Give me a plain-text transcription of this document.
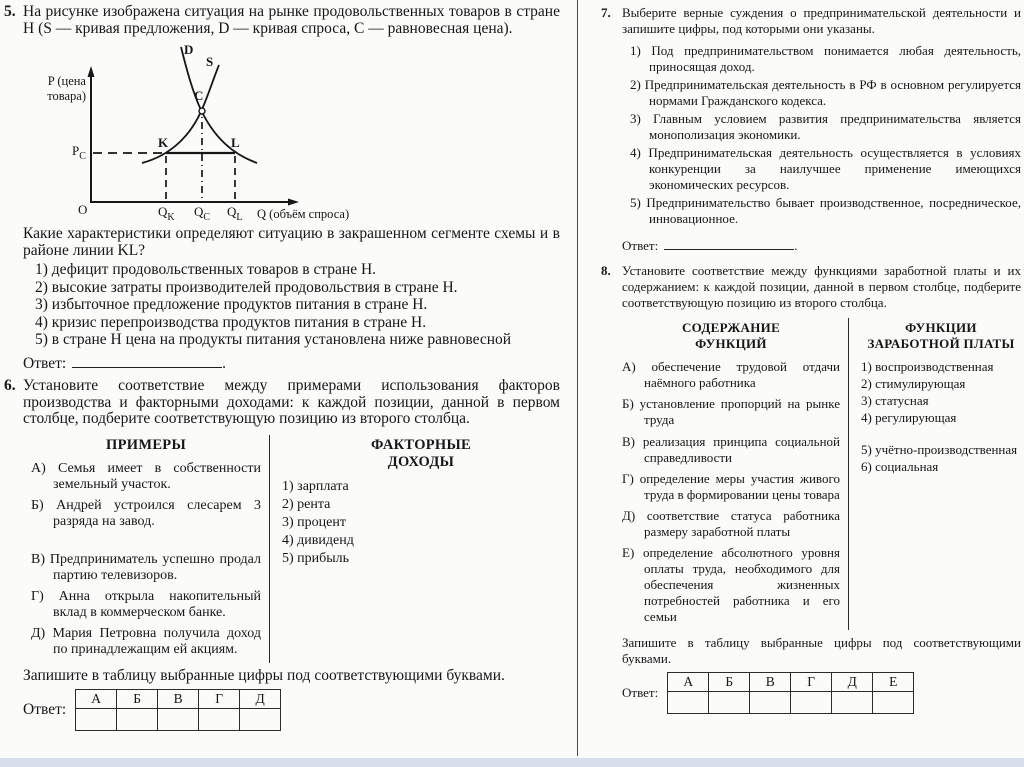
5. На рисунке изображена ситуация на рынке продовольственных товаров в стране Н (S — кривая предложения, D — кривая спроса, С — равновесная цена).

P (цена
товара)
Q (объём спроса)
O
D
S
C
K	L
$P_C$
$Q_K$ $Q_C$ $Q_L$

Какие характеристики определяют ситуацию в закрашенном сегменте схемы и в районе линии KL?

1) дефицит продовольственных товаров в стране Н.
2) высокие затраты производителей продовольствия в стране Н.
3) избыточное предложение продуктов питания в стране Н.
4) кризис перепроизводства продуктов питания в стране Н.
5) в стране Н цена на продукты питания установлена ниже равновесной
Ответ:	.
6. Установите соответствие между примерами использования факторов производства и факторными доходами: к каждой позиции, данной в первом столбце, подберите соответствующую позицию из второго столбца.

ПРИМЕРЫ
А) Семья имеет в собственности земельный участок.
Б) Андрей устроился слесарем 3 разряда на завод.
В) Предприниматель успешно продал партию телевизоров.
Г) Анна открыла накопительный вклад в коммерческом банке.
Д) Мария Петровна получила доход по принадлежащим ей акциям.
ФАКТОРНЫЕ ДОХОДЫ
1) зарплата
2) рента
3) процент
4) дивиденд
5) прибыль

Запишите в таблицу выбранные цифры под соответствующими буквами.

Ответ:
А	Б	В	Г	Д

7. Выберите верные суждения о предпринимательской деятельности и запишите цифры, под которыми они указаны.

1) Под предпринимательством понимается любая деятельность, приносящая доход.
2) Предпринимательская деятельность в РФ в основном регулируется нормами Гражданского кодекса.
3) Главным условием развития предпринимательства является монополизация экономики.
4) Предпринимательская деятельность осуществляется в условиях конкуренции за наилучшее применение имеющихся экономических ресурсов.
5) Предпринимательство бывает производственное, посредническое, инновационное.
Ответ:	.
8. Установите соответствие между функциями заработной платы и их содержанием: к каждой позиции, данной в первом столбце, подберите соответствующую позицию из второго столбца.

СОДЕРЖАНИЕ ФУНКЦИЙ
А) обеспечение трудовой отдачи наёмного работника
Б) установление пропорций на рынке труда
В) реализация принципа социальной справедливости
Г) определение меры участия живого труда в формировании цены товара
Д) соответствие статуса работника размеру заработной платы
Е) определение абсолютного уровня оплаты труда, необходимого для обеспечения жизненных потребностей работника и его семьи
ФУНКЦИИ ЗАРАБОТНОЙ ПЛАТЫ
1) воспроизводственная
2) стимулирующая
3) статусная
4) регулирующая
5) учётно-производственная
6) социальная

Запишите в таблицу выбранные цифры под соответствующими буквами.

Ответ:
А	Б	В	Г	Д	Е
